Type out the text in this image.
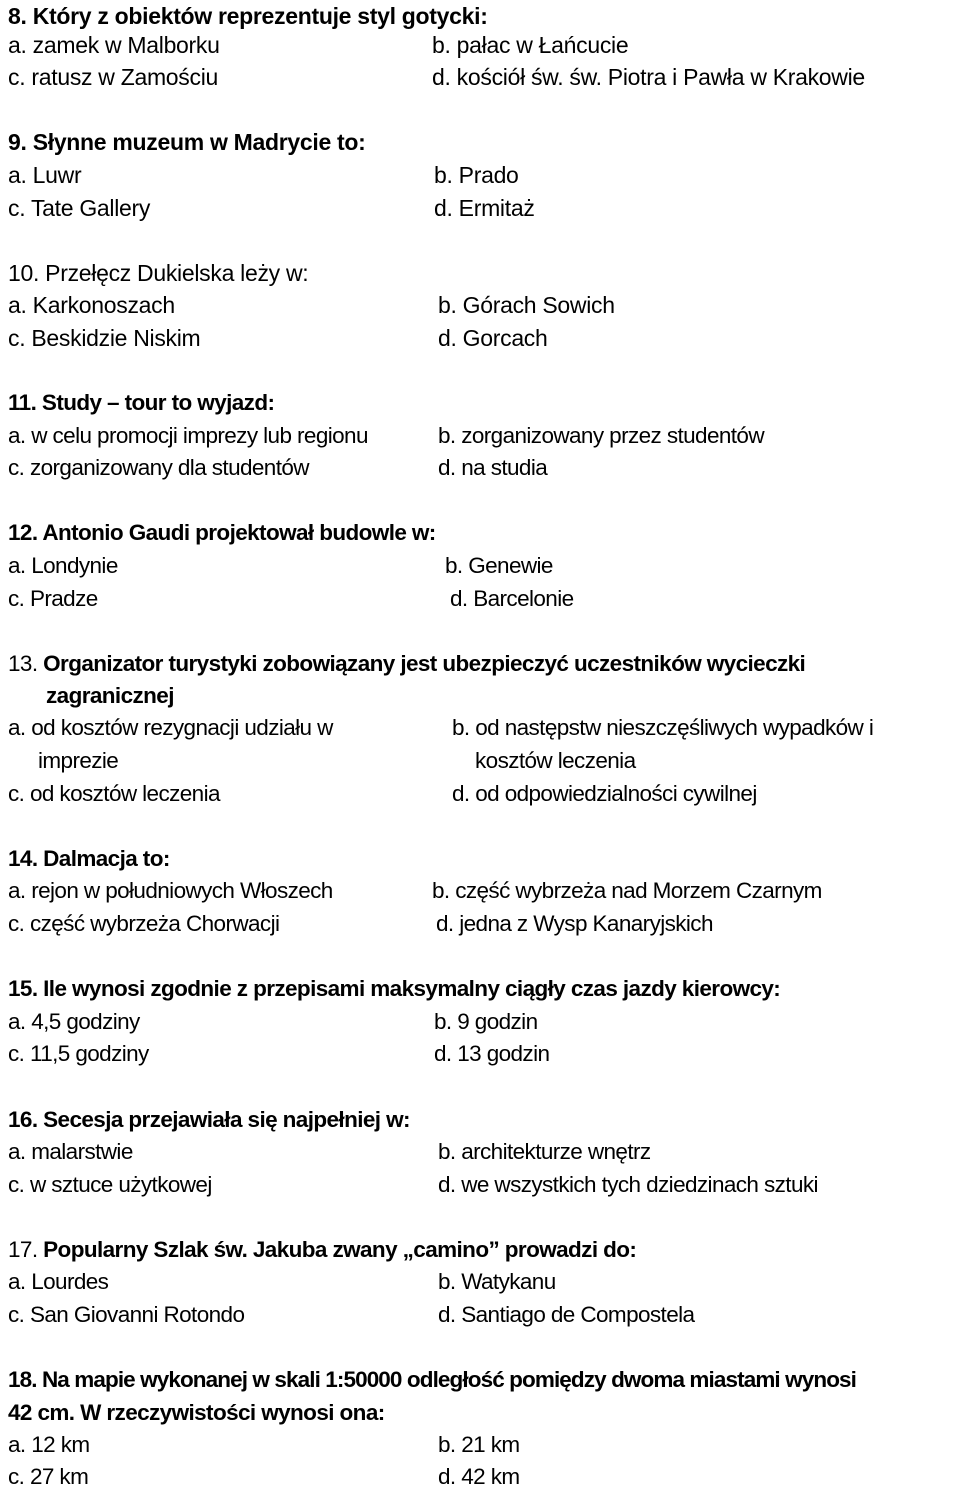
8. Który z obiektów reprezentuje styl gotycki:
a. zamek w Malborku	b. pałac w Łańcucie
c. ratusz w Zamościu	d. kościół św. św. Piotra i Pawła w Krakowie
9. Słynne muzeum w Madrycie to:
a. Luwr	b. Prado
c. Tate Gallery	d. Ermitaż
10. Przełęcz Dukielska leży w:
a. Karkonoszach	b. Górach Sowich
c. Beskidzie Niskim	d. Gorcach
11. Study – tour to wyjazd:
a. w celu promocji imprezy lub regionu	b. zorganizowany przez studentów
c. zorganizowany dla studentów	d. na studia
12. Antonio Gaudi projektował budowle w:
a. Londynie	b. Genewie
c. Pradze	d. Barcelonie
13. Organizator turystyki zobowiązany jest ubezpieczyć uczestników wycieczki
zagranicznej
a. od kosztów rezygnacji udziału w
imprezie
b. od następstw nieszczęśliwych wypadków i
kosztów leczenia
c. od kosztów leczenia	d. od odpowiedzialności cywilnej
14. Dalmacja to:
a. rejon w południowych Włoszech	b. część wybrzeża nad Morzem Czarnym
c. część wybrzeża Chorwacji	d. jedna z Wysp Kanaryjskich
15. Ile wynosi zgodnie z przepisami maksymalny ciągły czas jazdy kierowcy:
a. 4,5 godziny	b. 9 godzin
c. 11,5 godziny	d. 13 godzin
16. Secesja przejawiała się najpełniej w:
a. malarstwie	b. architekturze wnętrz
c. w sztuce użytkowej	d. we wszystkich tych dziedzinach sztuki
17. Popularny Szlak św. Jakuba zwany „camino” prowadzi do:
a. Lourdes	b. Watykanu
c. San Giovanni Rotondo	d. Santiago de Compostela
18. Na mapie wykonanej w skali 1:50000 odległość pomiędzy dwoma miastami wynosi
42 cm. W rzeczywistości wynosi ona:
a. 12 km	b. 21 km
c. 27 km	d. 42 km
